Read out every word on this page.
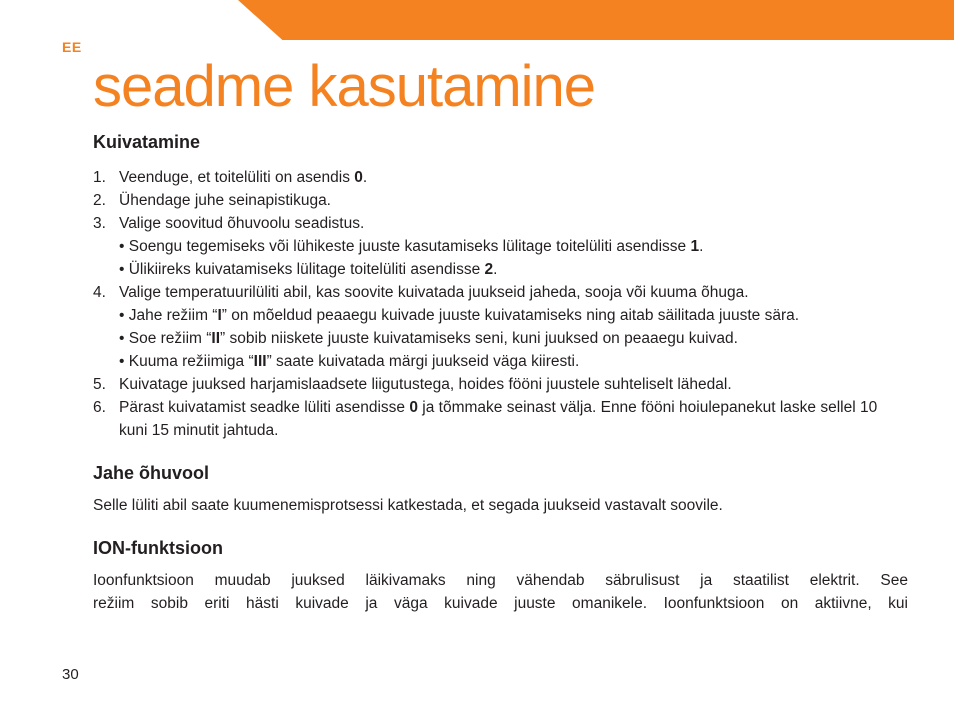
EE
seadme kasutamine
Kuivatamine
1. Veenduge, et toitelüliti on asendis 0.
2. Ühendage juhe seinapistikuga.
3. Valige soovitud õhuvoolu seadistus.
• Soengu tegemiseks või lühikeste juuste kasutamiseks lülitage toitelüliti asendisse 1.
• Ülikiireks kuivatamiseks lülitage toitelüliti asendisse 2.
4. Valige temperatuurilüliti abil, kas soovite kuivatada juukseid jaheda, sooja või kuuma õhuga.
• Jahe režiim “I” on mõeldud peaaegu kuivade juuste kuivatamiseks ning aitab säilitada juuste sära.
• Soe režiim “II” sobib niiskete juuste kuivatamiseks seni, kuni juuksed on peaaegu kuivad.
• Kuuma režiimiga “III” saate kuivatada märgi juukseid väga kiiresti.
5. Kuivatage juuksed harjamislaadsete liigutustega, hoides fööni juustele suhteliselt lähedal.
6. Pärast kuivatamist seadke lüliti asendisse 0 ja tõmmake seinast välja. Enne fööni hoiulepanekut laske sellel 10 kuni 15 minutit jahtuda.
Jahe õhuvool

Selle lüliti abil saate kuumenemisprotsessi katkestada, et segada juukseid vastavalt soovile.

ION-funktsioon

Ioonfunktsioon muudab juuksed läikivamaks ning vähendab säbrulisust ja staatilist elektrit. See
režiim sobib eriti hästi kuivade ja väga kuivade juuste omanikele. Ioonfunktsioon on aktiivne, kui

30
